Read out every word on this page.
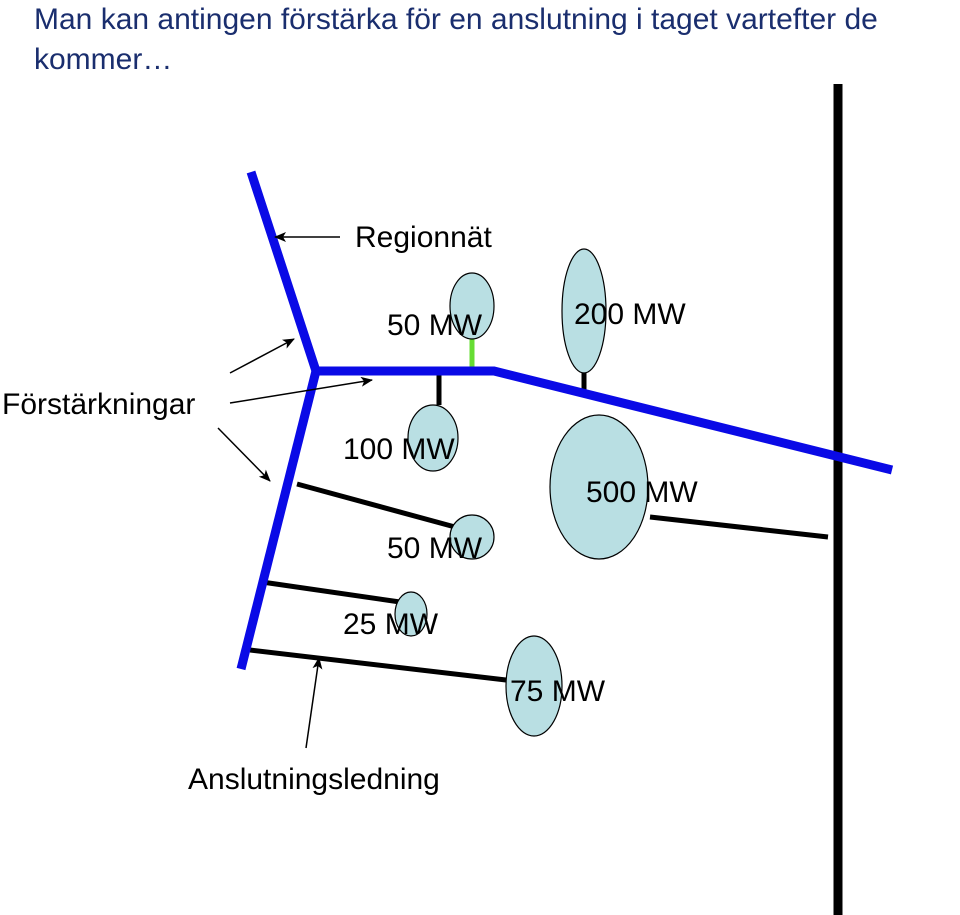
Man kan antingen förstärka för en anslutning i taget vartefter de kommer…
Regionnät
Förstärkningar
Anslutningsledning
50 MW	200 MW
100 MW
500 MW
50 MW
25 MW
75 MW
